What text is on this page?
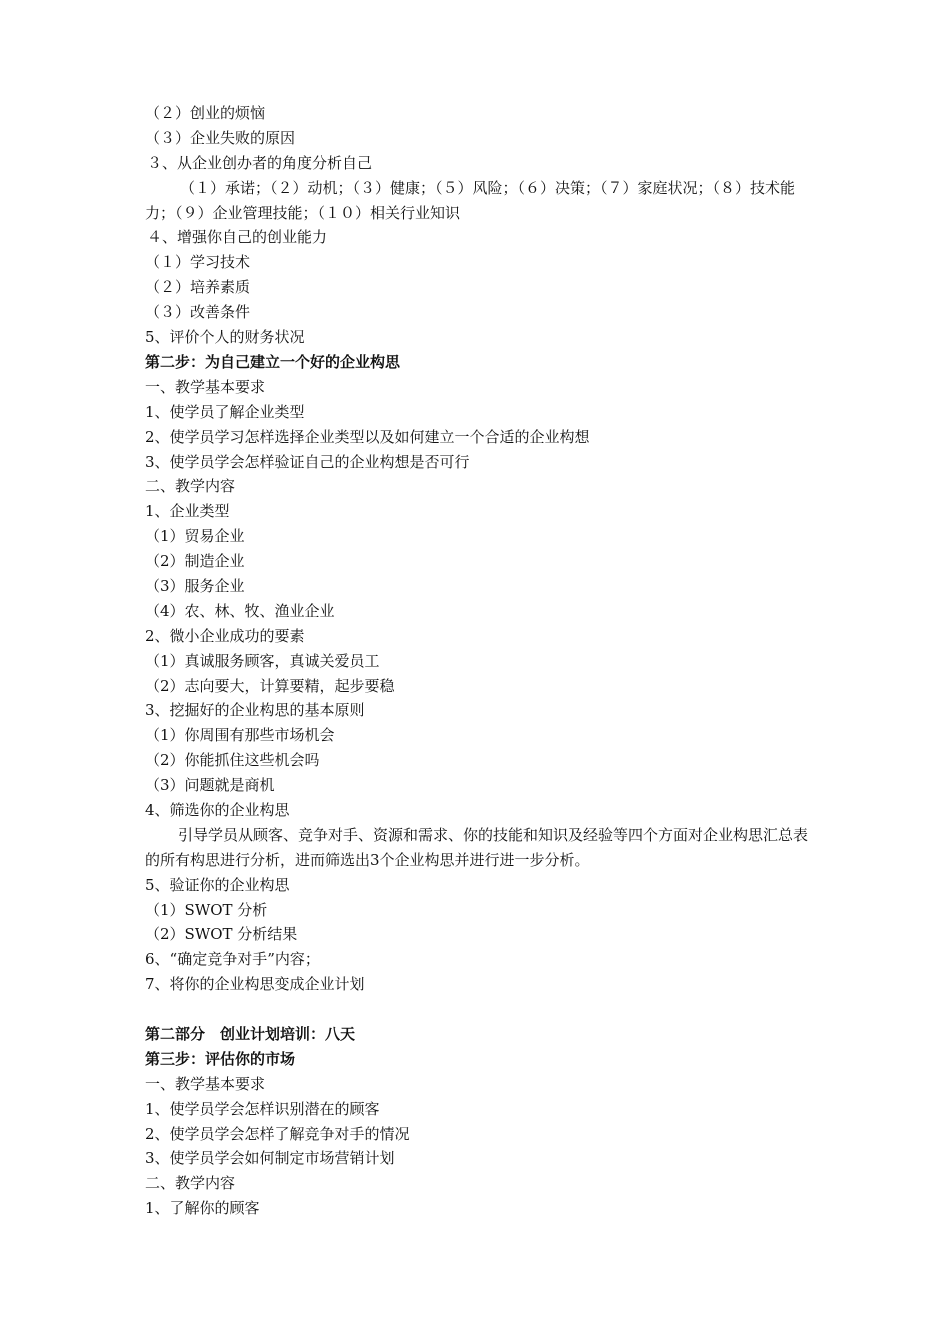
（２）创业的烦恼
（３）企业失败的原因
３、从企业创办者的角度分析自己
（１）承诺；（２）动机；（３）健康；（５）风险；（６）决策；（７）家庭状况；（８）技术能力；（９）企业管理技能；（１０）相关行业知识
４、增强你自己的创业能力
（１）学习技术
（２）培养素质
（３）改善条件
5、评价个人的财务状况
第二步：为自己建立一个好的企业构思
一、教学基本要求
1、使学员了解企业类型
2、使学员学习怎样选择企业类型以及如何建立一个合适的企业构想
3、使学员学会怎样验证自己的企业构想是否可行
二、教学内容
1、企业类型
（1）贸易企业
（2）制造企业
（3）服务企业
（4）农、林、牧、渔业企业
2、微小企业成功的要素
（1）真诚服务顾客，真诚关爱员工
（2）志向要大，计算要精，起步要稳
3、挖掘好的企业构思的基本原则
（1）你周围有那些市场机会
（2）你能抓住这些机会吗
（3）问题就是商机
4、筛选你的企业构思
引导学员从顾客、竞争对手、资源和需求、你的技能和知识及经验等四个方面对企业构思汇总表的所有构思进行分析，进而筛选出3个企业构思并进行进一步分析。
5、验证你的企业构思
（1）SWOT 分析
（2）SWOT 分析结果
6、“确定竞争对手”内容；
7、将你的企业构思变成企业计划
第二部分　创业计划培训：八天
第三步：评估你的市场
一、教学基本要求
1、使学员学会怎样识别潜在的顾客
2、使学员学会怎样了解竞争对手的情况
3、使学员学会如何制定市场营销计划
二、教学内容
1、了解你的顾客
